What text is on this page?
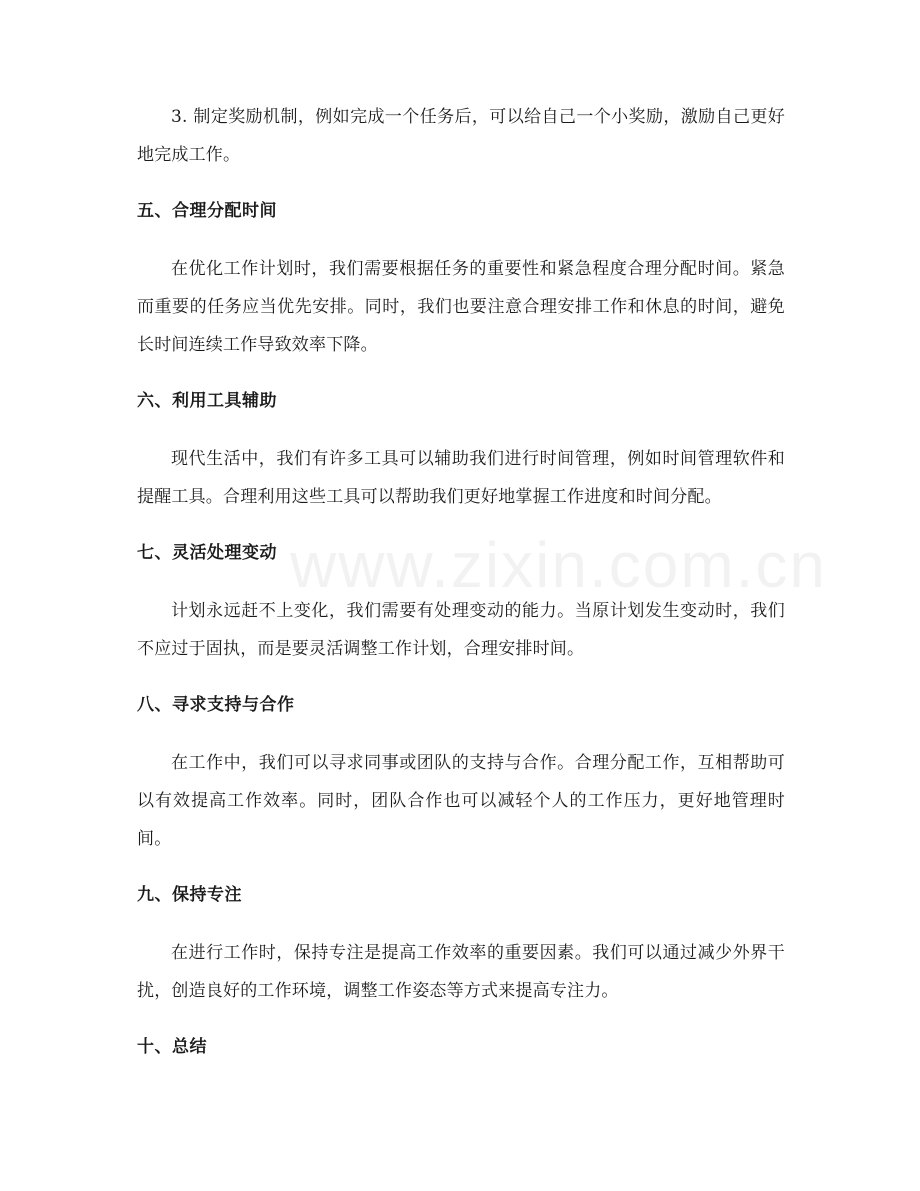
www.zixin.com.cn

3. 制定奖励机制，例如完成一个任务后，可以给自己一个小奖励，激励自己更好地完成工作。

五、合理分配时间

在优化工作计划时，我们需要根据任务的重要性和紧急程度合理分配时间。紧急而重要的任务应当优先安排。同时，我们也要注意合理安排工作和休息的时间，避免长时间连续工作导致效率下降。

六、利用工具辅助

现代生活中，我们有许多工具可以辅助我们进行时间管理，例如时间管理软件和提醒工具。合理利用这些工具可以帮助我们更好地掌握工作进度和时间分配。

七、灵活处理变动

计划永远赶不上变化，我们需要有处理变动的能力。当原计划发生变动时，我们不应过于固执，而是要灵活调整工作计划，合理安排时间。

八、寻求支持与合作

在工作中，我们可以寻求同事或团队的支持与合作。合理分配工作，互相帮助可以有效提高工作效率。同时，团队合作也可以减轻个人的工作压力，更好地管理时间。

九、保持专注

在进行工作时，保持专注是提高工作效率的重要因素。我们可以通过减少外界干扰，创造良好的工作环境，调整工作姿态等方式来提高专注力。

十、总结
